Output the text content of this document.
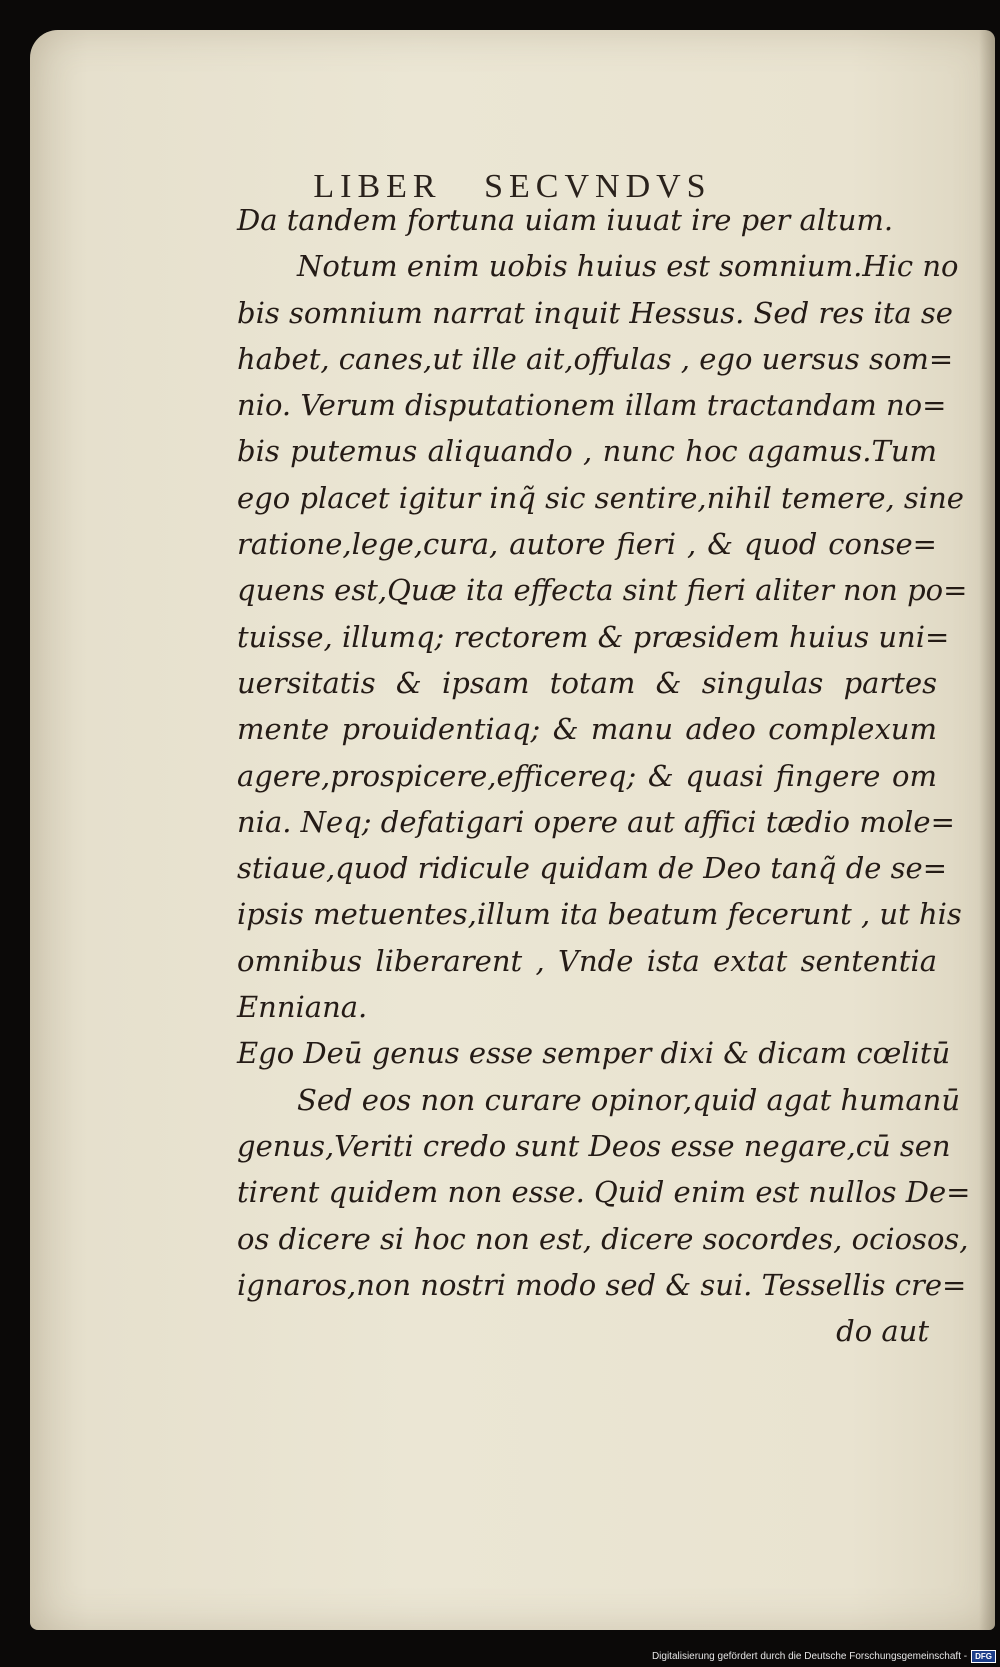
LIBER SECVNDVS
Da tandem fortuna uiam iuuat ire per altum.
Notum enim uobis huius est somnium.Hic no
bis somnium narrat inquit Hessus. Sed res ita se
habet, canes,ut ille ait,offulas , ego uersus som=
nio. Verum disputationem illam tractandam no=
bis putemus aliquando , nunc hoc agamus.Tum
ego placet igitur inq̃ sic sentire,nihil temere, sine
ratione,lege,cura, autore fieri , & quod conse=
quens est,Quæ ita effecta sint fieri aliter non po=
tuisse, illumq; rectorem & præsidem huius uni=
uersitatis & ipsam totam & singulas partes
mente prouidentiaq; & manu adeo complexum
agere,prospicere,efficereq; & quasi fingere om
nia. Neq; defatigari opere aut affici tædio mole=
stiaue,quod ridicule quidam de Deo tanq̃ de se=
ipsis metuentes,illum ita beatum fecerunt , ut his
omnibus liberarent , Vnde ista extat sententia
Enniana.
Ego Deū genus esse semper dixi & dicam cœlitū
Sed eos non curare opinor,quid agat humanū
genus,Veriti credo sunt Deos esse negare,cū sen
tirent quidem non esse. Quid enim est nullos De=
os dicere si hoc non est, dicere socordes, ociosos,
ignaros,non nostri modo sed & sui. Tessellis cre=
do aut
Digitalisierung gefördert durch die Deutsche Forschungsgemeinschaft -	DFG
